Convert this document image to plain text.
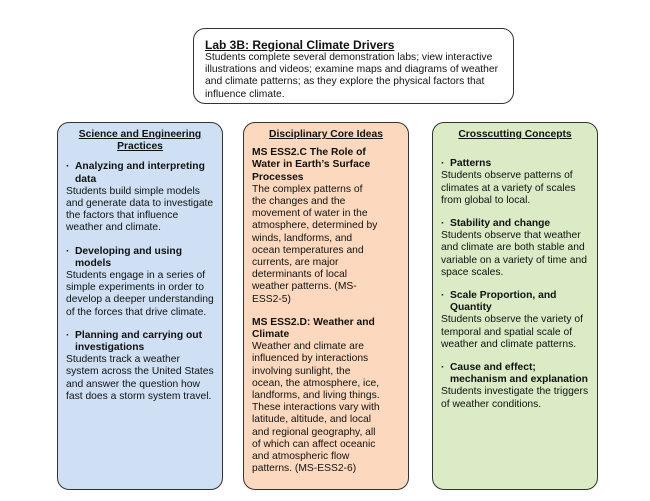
Lab 3B: Regional Climate Drivers
Students complete several demonstration labs; view interactive
illustrations and videos; examine maps and diagrams of weather
and climate patterns; as they explore the physical factors that
influence climate.
Science and Engineering
Practices
· Analyzing and interpreting
data
Students build simple models
and generate data to investigate
the factors that influence
weather and climate.
· Developing and using
models
Students engage in a series of
simple experiments in order to
develop a deeper understanding
of the forces that drive climate.
· Planning and carrying out
investigations
Students track a weather
system across the United States
and answer the question how
fast does a storm system travel.
Disciplinary Core Ideas
MS ESS2.C The Role of
Water in Earth’s Surface
Processes
The complex patterns of
the changes and the
movement of water in the
atmosphere, determined by
winds, landforms, and
ocean temperatures and
currents, are major
determinants of local
weather patterns. (MS-
ESS2-5)
MS ESS2.D: Weather and
Climate
Weather and climate are
influenced by interactions
involving sunlight, the
ocean, the atmosphere, ice,
landforms, and living things.
These interactions vary with
latitude, altitude, and local
and regional geography, all
of which can affect oceanic
and atmospheric flow
patterns. (MS-ESS2-6)
Crosscutting Concepts
· Patterns
Students observe patterns of
climates at a variety of scales
from global to local.
· Stability and change
Students observe that weather
and climate are both stable and
variable on a variety of time and
space scales.
· Scale Proportion, and
Quantity
Students observe the variety of
temporal and spatial scale of
weather and climate patterns.
· Cause and effect;
mechanism and explanation
Students investigate the triggers
of weather conditions.
